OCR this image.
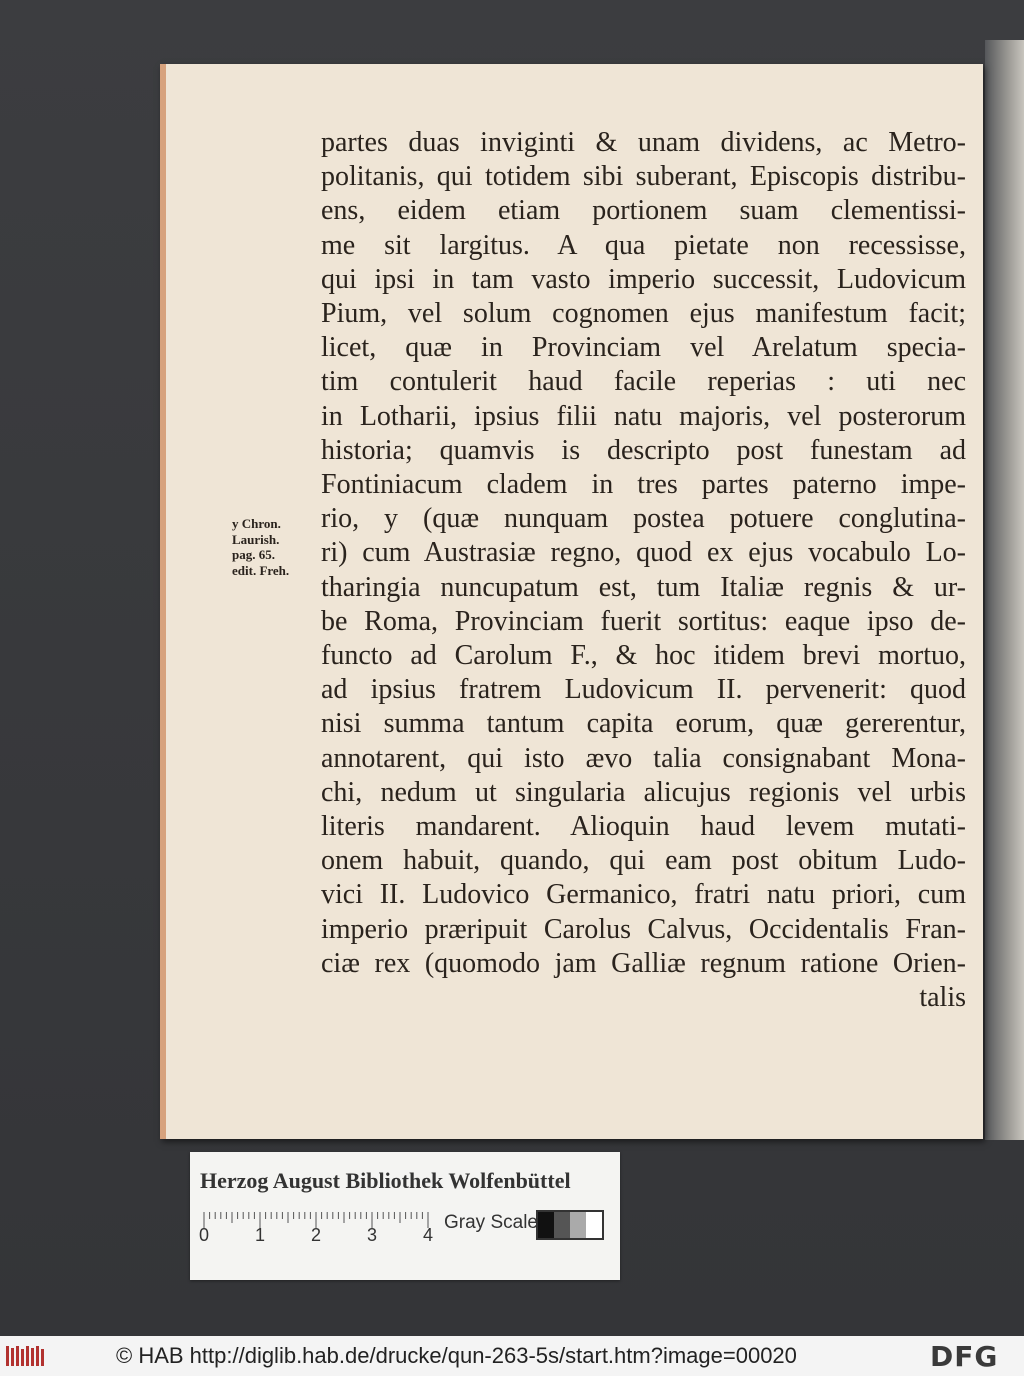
y Chron.
Laurish.
pag. 65.
edit. Freh.
partes duas invigintі & unam dividens, ac Metro-
politanis, qui totidem sibi suberant, Episcopis distribu-
ens, eidem etiam portionem suam clementissi-
me sit largitus. A qua pietate non recessisse,
qui ipsi in tam vasto imperio successit, Ludovicum
Pium, vel solum cognomen ejus manifestum facit;
licet, quæ in Provinciam vel Arelatum specia-
tim contulerit haud facile reperias : uti nec
in Lotharii, ipsius filii natu majoris, vel posterorum
historia; quamvis is descripto post funestam ad
Fontiniacum cladem in tres partes paterno impe-
rio, y (quæ nunquam postea potuere conglutina-
ri) cum Austrasiæ regno, quod ex ejus vocabulo Lo-
tharingia nuncupatum est, tum Italiæ regnis & ur-
be Roma, Provinciam fuerit sortitus: eaque ipso de-
functo ad Carolum F., & hoc itidem brevi mortuo,
ad ipsius fratrem Ludovicum II. pervenerit: quod
nisi summa tantum capita eorum, quæ gererentur,
annotarent, qui isto ævo talia consignabant Mona-
chi, nedum ut singularia alicujus regionis vel urbis
literis mandarent. Alioquin haud levem mutati-
onem habuit, quando, qui eam post obitum Ludo-
vici II. Ludovico Germanico, fratri natu priori, cum
imperio præripuit Carolus Calvus, Occidentalis Fran-
ciæ rex (quomodo jam Galliæ regnum ratione Orien-
talis
Herzog August Bibliothek Wolfenbüttel
0	1	2	3	4
Gray Scale
© HAB http://diglib.hab.de/drucke/qun-263-5s/start.htm?image=00020	DFG
